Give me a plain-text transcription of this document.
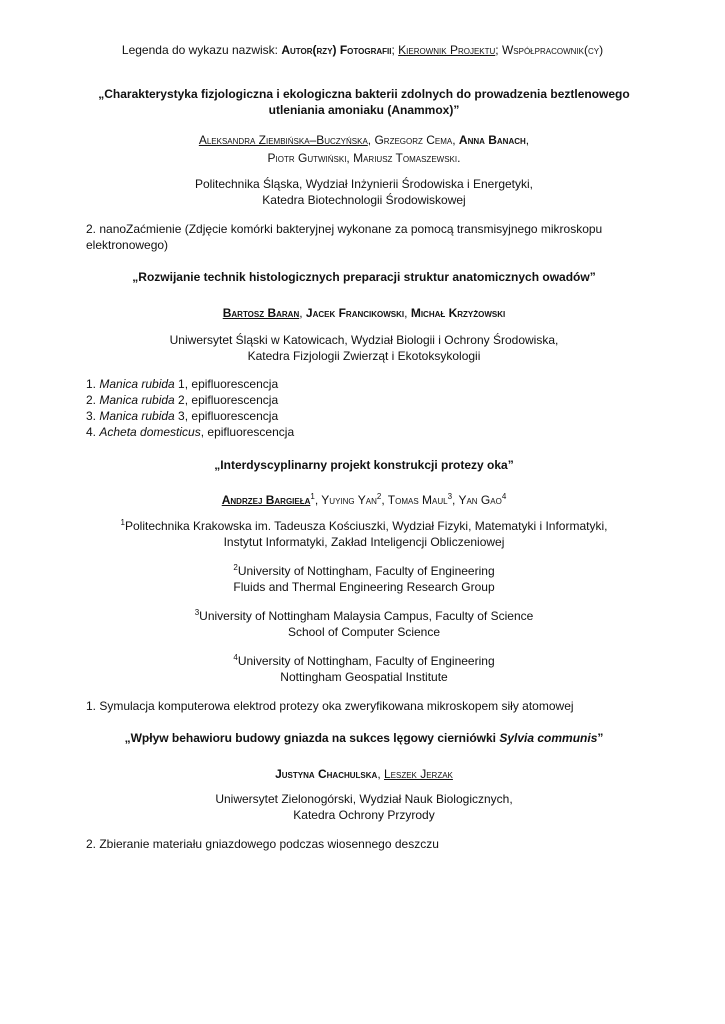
Legenda do wykazu nazwisk: Autor(rzy) Fotografii; Kierownik Projektu; Współpracownik(cy)
„Charakterystyka fizjologiczna i ekologiczna bakterii zdolnych do prowadzenia beztlenowego
utleniania amoniaku (Anammox)”
Aleksandra Ziembińska–Buczyńska, Grzegorz Cema, Anna Banach,
Piotr Gutwiński, Mariusz Tomaszewski.
Politechnika Śląska, Wydział Inżynierii Środowiska i Energetyki,
Katedra Biotechnologii Środowiskowej
2. nanoZaćmienie (Zdjęcie komórki bakteryjnej wykonane za pomocą transmisyjnego mikroskopu
elektronowego)
„Rozwijanie technik histologicznych preparacji struktur anatomicznych owadów”
Bartosz Baran, Jacek Francikowski, Michał Krzyżowski
Uniwersytet Śląski w Katowicach, Wydział Biologii i Ochrony Środowiska,
Katedra Fizjologii Zwierząt i Ekotoksykologii
1. Manica rubida 1, epifluorescencja
2. Manica rubida 2, epifluorescencja
3. Manica rubida 3, epifluorescencja
4. Acheta domesticus, epifluorescencja
„Interdyscyplinarny projekt konstrukcji protezy oka”
Andrzej Bargieła$^1$, Yuying Yan$^2$, Tomas Maul$^3$, Yan Gao$^4$
$^1$Politechnika Krakowska im. Tadeusza Kościuszki, Wydział Fizyki, Matematyki i Informatyki,
Instytut Informatyki, Zakład Inteligencji Obliczeniowej
$^2$University of Nottingham, Faculty of Engineering
Fluids and Thermal Engineering Research Group
$^3$University of Nottingham Malaysia Campus, Faculty of Science
School of Computer Science
$^4$University of Nottingham, Faculty of Engineering
Nottingham Geospatial Institute
1. Symulacja komputerowa elektrod protezy oka zweryfikowana mikroskopem siły atomowej
„Wpływ behawioru budowy gniazda na sukces lęgowy cierniówki Sylvia communis”
Justyna Chachulska, Leszek Jerzak
Uniwersytet Zielonogórski, Wydział Nauk Biologicznych,
Katedra Ochrony Przyrody
2. Zbieranie materiału gniazdowego podczas wiosennego deszczu
